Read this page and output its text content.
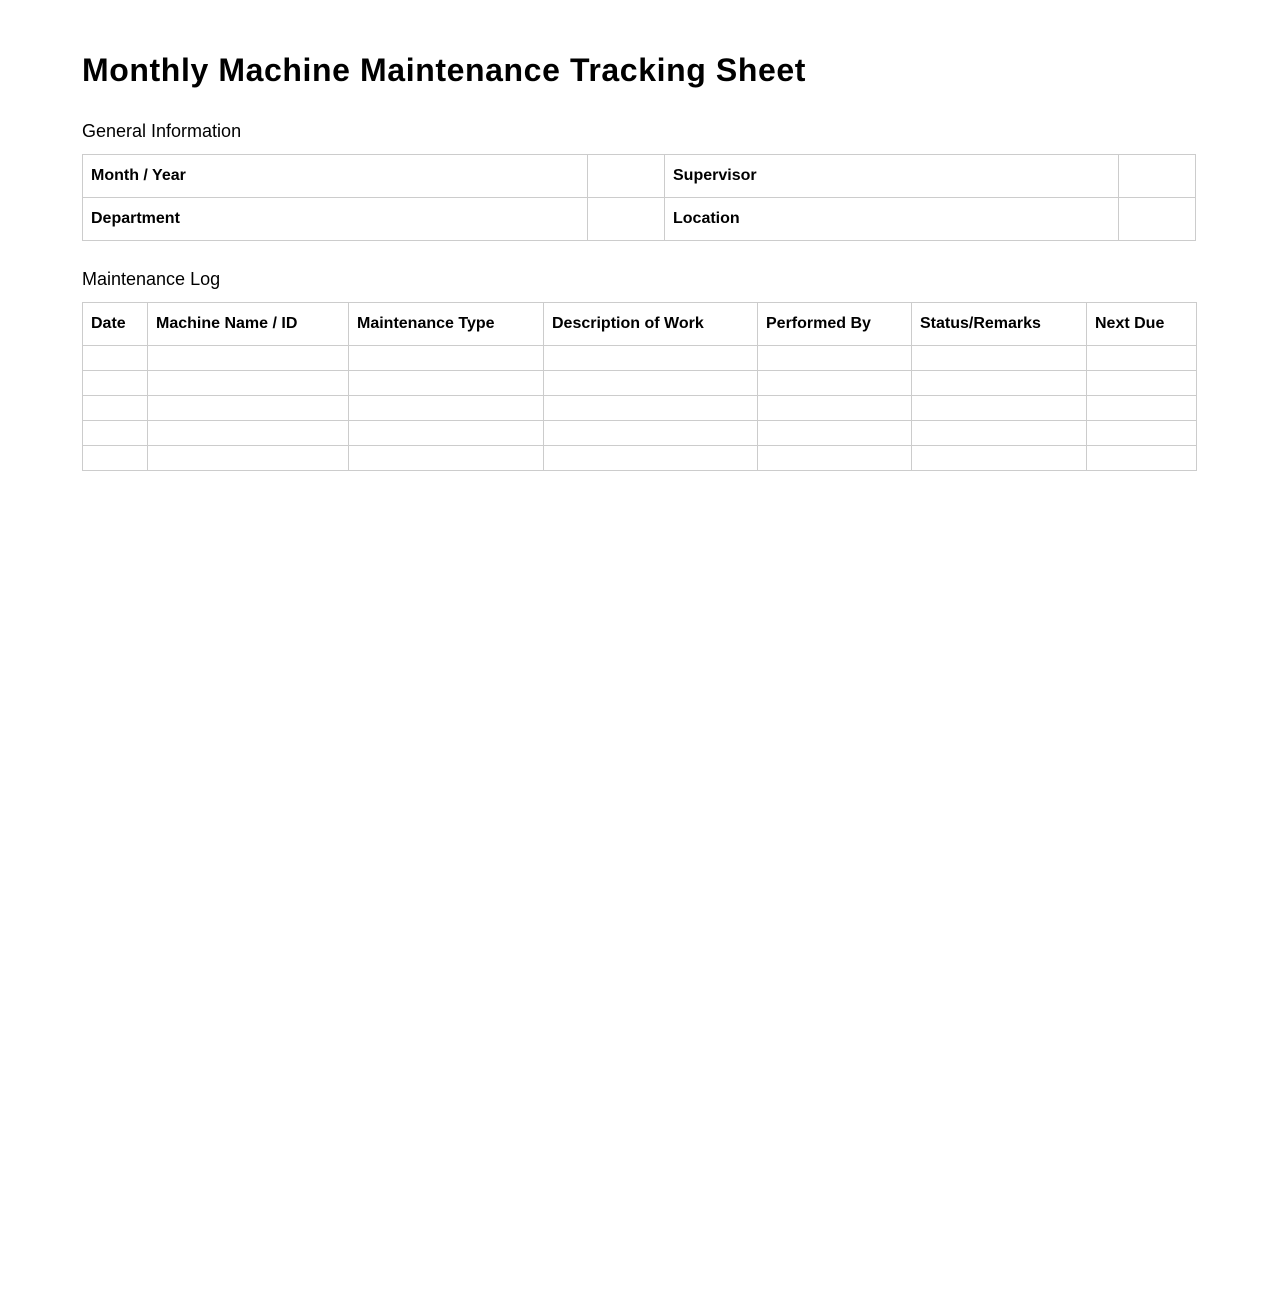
Monthly Machine Maintenance Tracking Sheet
General Information
Month / Year		Supervisor	
Department		Location	
Maintenance Log
Date	Machine Name / ID	Maintenance Type	Description of Work	Performed By	Status/Remarks	Next Due
